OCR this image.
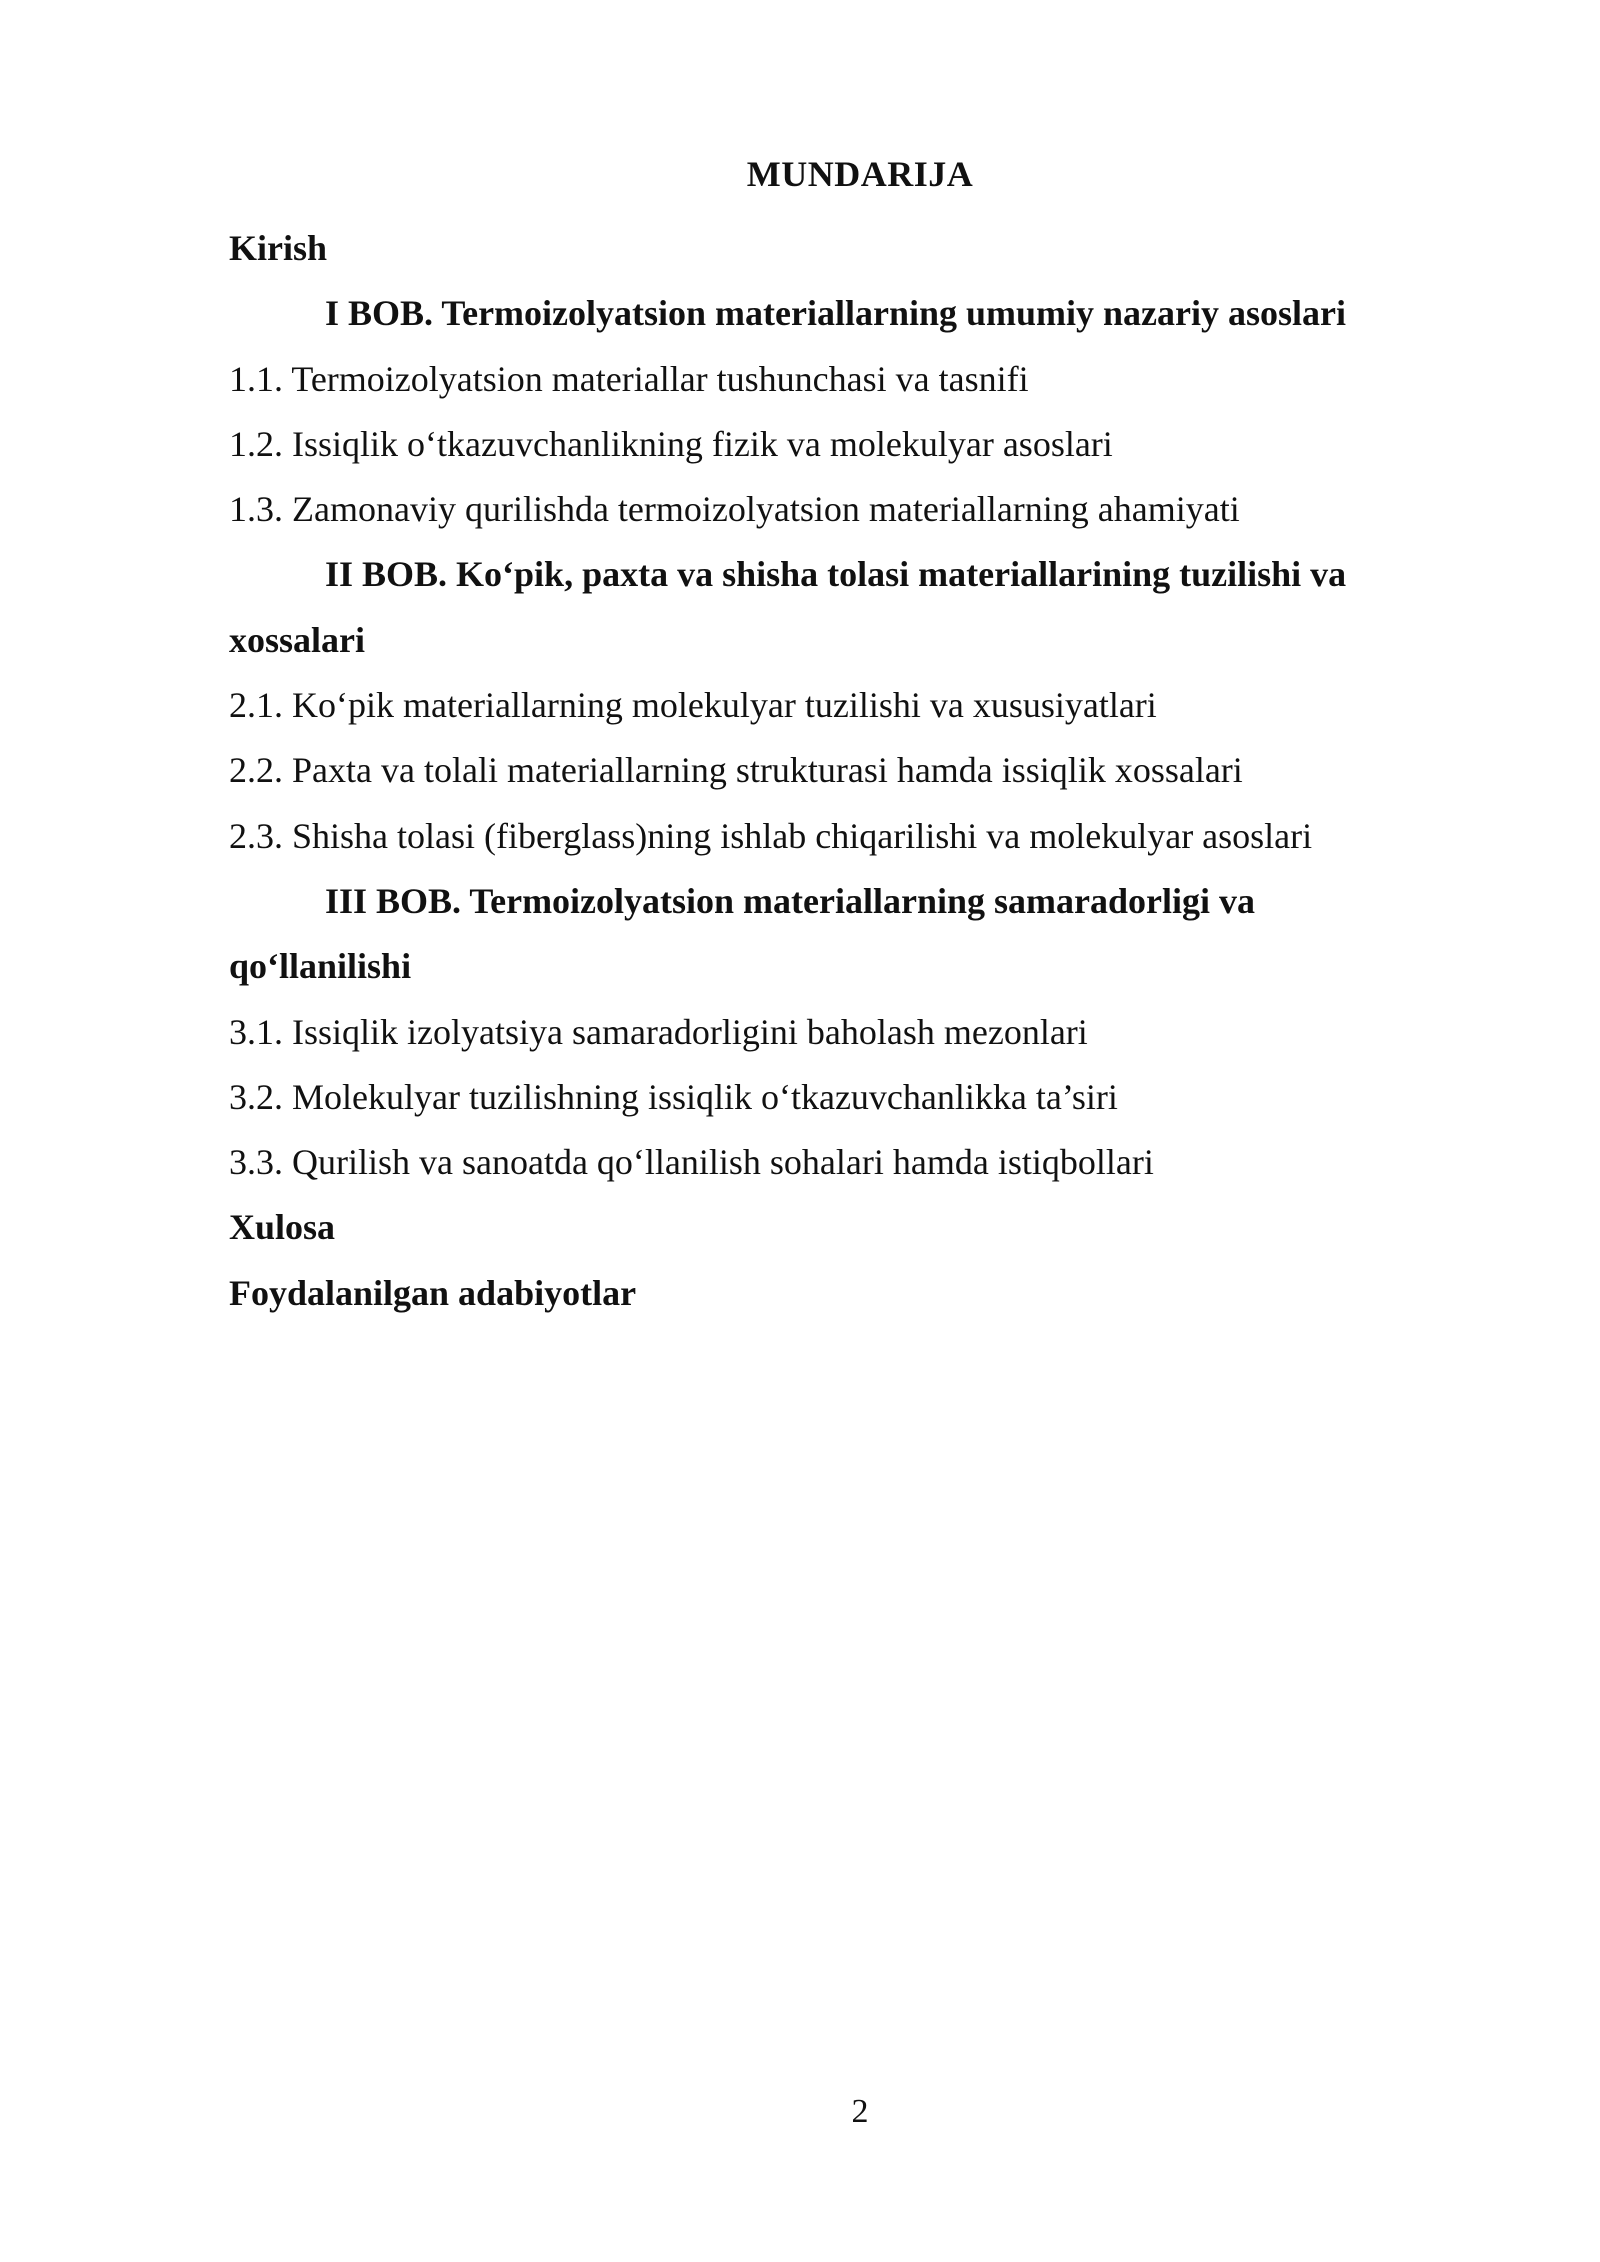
MUNDARIJA
Kirish
I BOB. Termoizolyatsion materiallarning umumiy nazariy asoslari
1.1. Termoizolyatsion materiallar tushunchasi va tasnifi
1.2. Issiqlik o‘tkazuvchanlikning fizik va molekulyar asoslari
1.3. Zamonaviy qurilishda termoizolyatsion materiallarning ahamiyati
II BOB. Ko‘pik, paxta va shisha tolasi materiallarining tuzilishi va xossalari
2.1. Ko‘pik materiallarning molekulyar tuzilishi va xususiyatlari
2.2. Paxta va tolali materiallarning strukturasi hamda issiqlik xossalari
2.3. Shisha tolasi (fiberglass)ning ishlab chiqarilishi va molekulyar asoslari
III BOB. Termoizolyatsion materiallarning samaradorligi va qo‘llanilishi
3.1. Issiqlik izolyatsiya samaradorligini baholash mezonlari
3.2. Molekulyar tuzilishning issiqlik o‘tkazuvchanlikka ta’siri
3.3. Qurilish va sanoatda qo‘llanilish sohalari hamda istiqbollari
Xulosa
Foydalanilgan adabiyotlar
2
